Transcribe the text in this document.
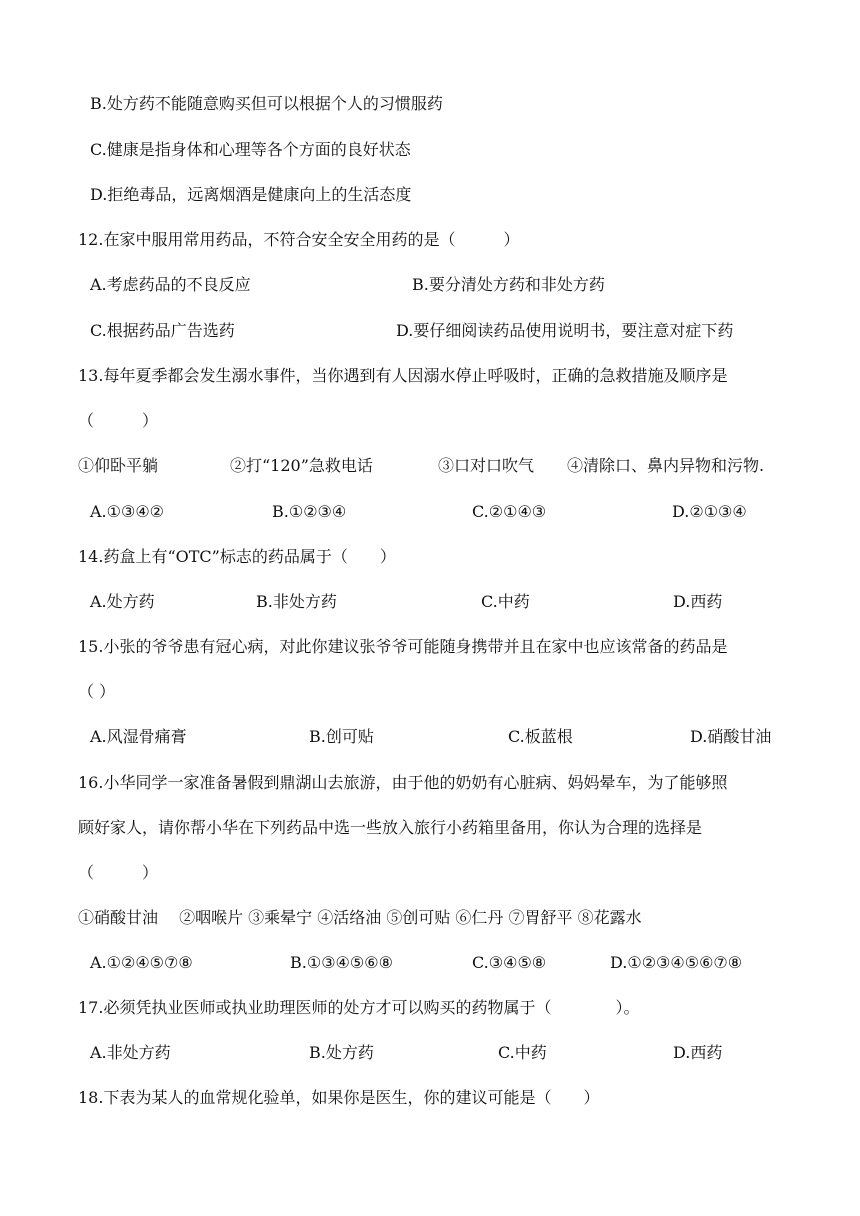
B.处方药不能随意购买但可以根据个人的习惯服药
C.健康是指身体和心理等各个方面的良好状态
D.拒绝毒品，远离烟酒是健康向上的生活态度
12.在家中服用常用药品，不符合安全安全用药的是（　　　）
A.考虑药品的不良反应	B.要分清处方药和非处方药
C.根据药品广告选药	D.要仔细阅读药品使用说明书，要注意对症下药
13.每年夏季都会发生溺水事件，当你遇到有人因溺水停止呼吸时，正确的急救措施及顺序是
（　　　）
①仰卧平躺	②打“120”急救电话	③口对口吹气 ④清除口、鼻内异物和污物.
A.①③④②	B.①②③④	C.②①④③	D.②①③④
14.药盒上有“OTC”标志的药品属于（　　）
A.处方药	B.非处方药	C.中药	D.西药
15.小张的爷爷患有冠心病，对此你建议张爷爷可能随身携带并且在家中也应该常备的药品是
（ ）
A.风湿骨痛膏	B.创可贴	C.板蓝根	D.硝酸甘油
16.小华同学一家准备暑假到鼎湖山去旅游，由于他的奶奶有心脏病、妈妈晕车，为了能够照
顾好家人，请你帮小华在下列药品中选一些放入旅行小药箱里备用，你认为合理的选择是
（　　　）
①硝酸甘油　 ②咽喉片 ③乘晕宁 ④活络油 ⑤创可贴 ⑥仁丹 ⑦胃舒平 ⑧花露水
A.①②④⑤⑦⑧	B.①③④⑤⑥⑧	C.③④⑤⑧	D.①②③④⑤⑥⑦⑧
17.必须凭执业医师或执业助理医师的处方才可以购买的药物属于（　　　　）。
A.非处方药	B.处方药	C.中药	D.西药
18.下表为某人的血常规化验单，如果你是医生，你的建议可能是（　　）
